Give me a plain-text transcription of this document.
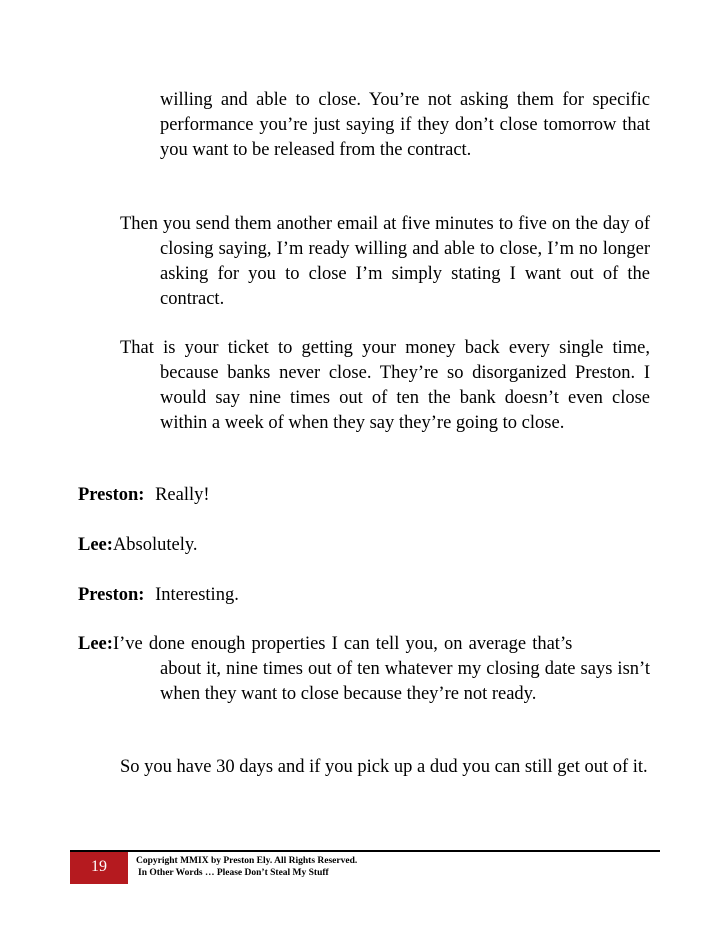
willing and able to close. You’re not asking them for specific performance you’re just saying if they don’t close tomorrow that you want to be released from the contract.

Then you send them another email at five minutes to five on the day of closing saying, I’m ready willing and able to close, I’m no longer asking for you to close I’m simply stating I want out of the contract.

That is your ticket to getting your money back every single time, because banks never close. They’re so disorganized Preston. I would say nine times out of ten the bank doesn’t even close within a week of when they say they’re going to close.

Preston: Really!

Lee:Absolutely.

Preston: Interesting.

Lee:I’ve done enough properties I can tell you, on average that’s
about it, nine times out of ten whatever my closing date says isn’t when they want to close because they’re not ready.

So you have 30 days and if you pick up a dud you can still get out of it.

19	Copyright MMIX by Preston Ely. All Rights Reserved.
In Other Words … Please Don’t Steal My Stuff
